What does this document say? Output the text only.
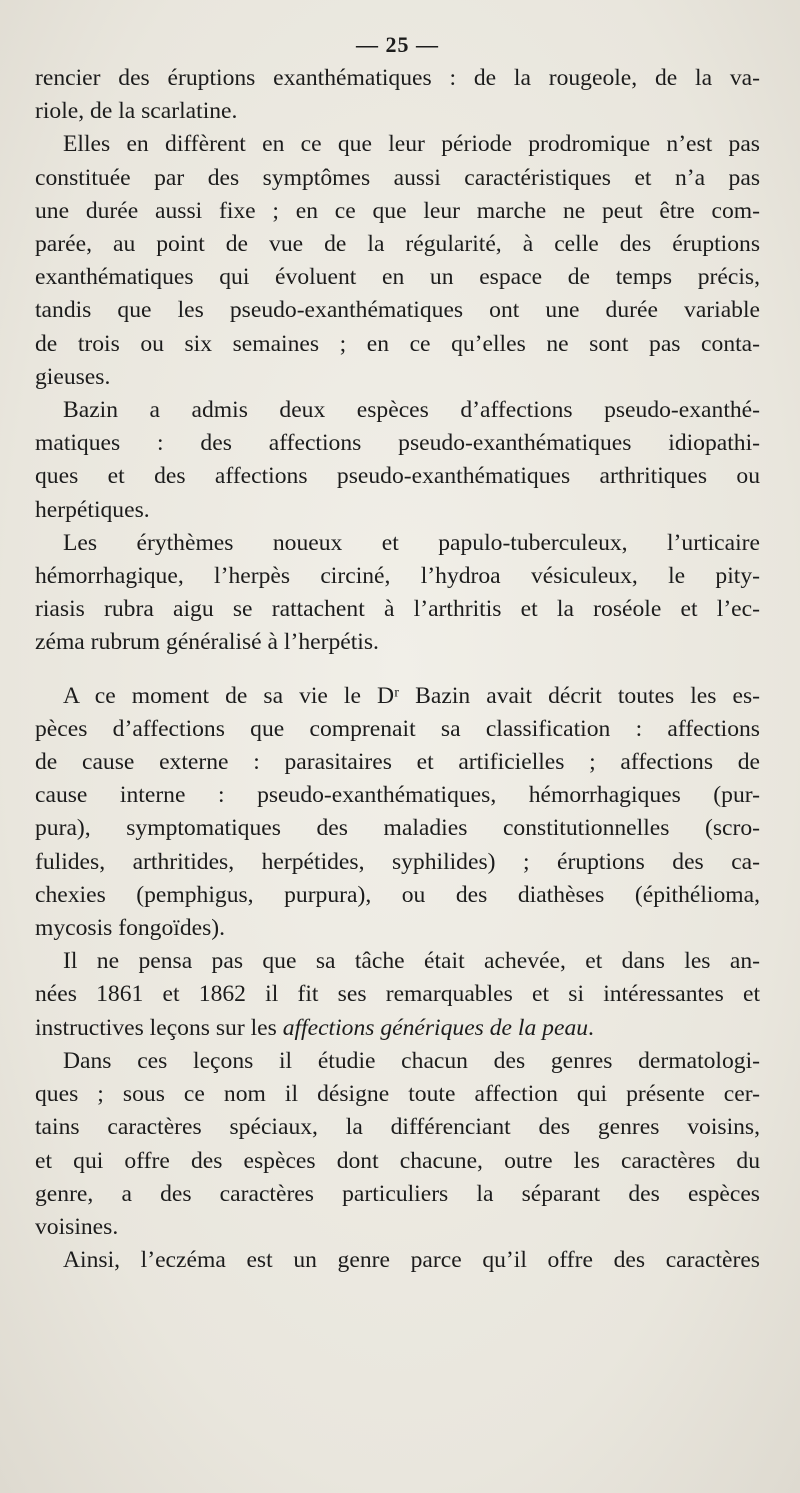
— 25 —

rencier des éruptions exanthématiques : de la rougeole, de la va-
riole, de la scarlatine.

Elles en diffèrent en ce que leur période prodromique n’est pas
constituée par des symptômes aussi caractéristiques et n’a pas
une durée aussi fixe ; en ce que leur marche ne peut être com-
parée, au point de vue de la régularité, à celle des éruptions
exanthématiques qui évoluent en un espace de temps précis,
tandis que les pseudo-exanthématiques ont une durée variable
de trois ou six semaines ; en ce qu’elles ne sont pas conta-
gieuses.

Bazin a admis deux espèces d’affections pseudo-exanthé-
matiques : des affections pseudo-exanthématiques idiopathi-
ques et des affections pseudo-exanthématiques arthritiques ou
herpétiques.

Les érythèmes noueux et papulo-tuberculeux, l’urticaire
hémorrhagique, l’herpès circiné, l’hydroa vésiculeux, le pity-
riasis rubra aigu se rattachent à l’arthritis et la roséole et l’ec-
zéma rubrum généralisé à l’herpétis.

A ce moment de sa vie le Dʳ Bazin avait décrit toutes les es-
pèces d’affections que comprenait sa classification : affections
de cause externe : parasitaires et artificielles ; affections de
cause interne : pseudo-exanthématiques, hémorrhagiques (pur-
pura), symptomatiques des maladies constitutionnelles (scro-
fulides, arthritides, herpétides, syphilides) ; éruptions des ca-
chexies (pemphigus, purpura), ou des diathèses (épithélioma,
mycosis fongoïdes).

Il ne pensa pas que sa tâche était achevée, et dans les an-
nées 1861 et 1862 il fit ses remarquables et si intéressantes et
instructives leçons sur les affections génériques de la peau.

Dans ces leçons il étudie chacun des genres dermatologi-
ques ; sous ce nom il désigne toute affection qui présente cer-
tains caractères spéciaux, la différenciant des genres voisins,
et qui offre des espèces dont chacune, outre les caractères du
genre, a des caractères particuliers la séparant des espèces
voisines.

Ainsi, l’eczéma est un genre parce qu’il offre des caractères
